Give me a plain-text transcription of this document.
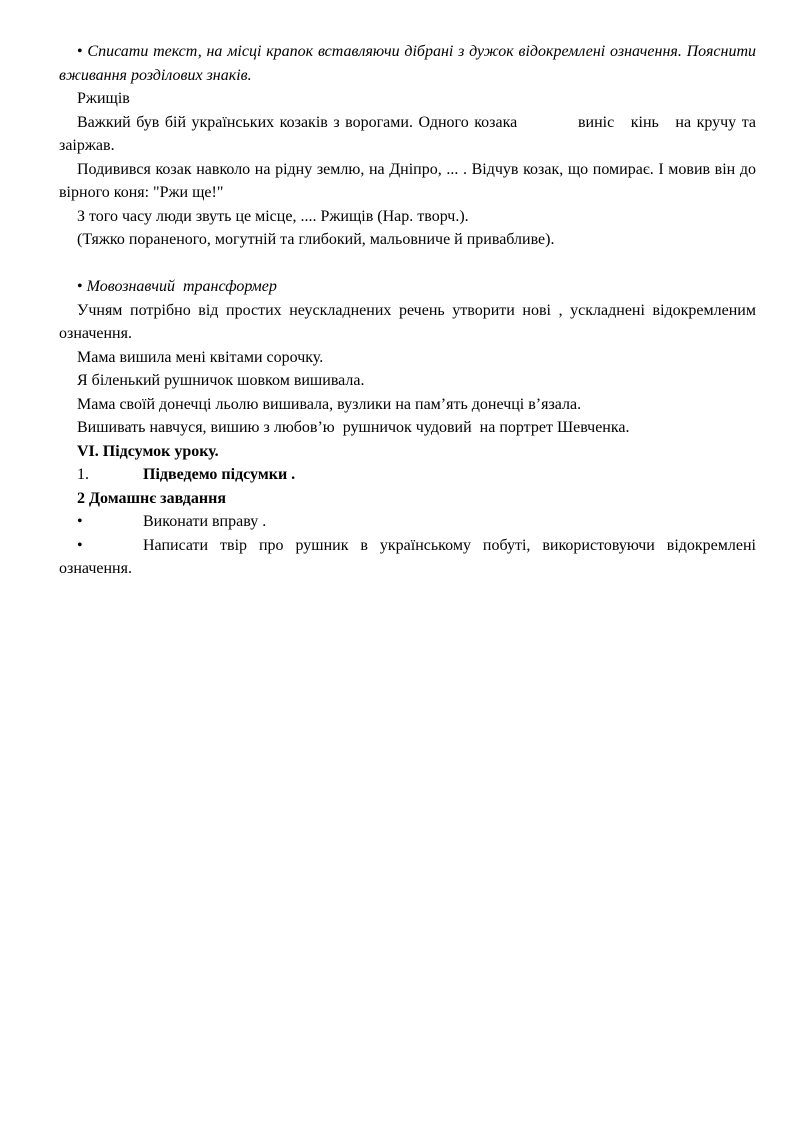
• Списати текст, на місці крапок вставляючи дібрані з дужок відокремлені означення. Пояснити вживання розділових знаків.
Ржищів
Важкий був бій українських козаків з ворогами. Одного козака           виніс   кінь   на кручу та заіржав.
Подивився козак навколо на рідну землю, на Дніпро, ... . Відчув козак, що помирає. І мовив він до вірного коня: "Ржи ще!"
З того часу люди звуть це місце, .... Ржищів (Нар. творч.).
(Тяжко пораненого, могутній та глибокий, мальовниче й привабливе).
• Мовознавчий  трансформер
Учням потрібно від простих неускладнених речень утворити нові , ускладнені відокремленим означення.
Мама вишила мені квітами сорочку.
Я біленький рушничок шовком вишивала.
Мама своїй донечці льолю вишивала, вузлики на пам’ять донечці в’язала.
Вишивать навчуся, вишию з любов’ю  рушничок чудовий  на портрет Шевченка.
VI. Підсумок уроку.
1.	Підведемо підсумки .
2 Домашнє завдання
•	Виконати вправу .
•	Написати твір про рушник в українському побуті, використовуючи відокремлені означення.
